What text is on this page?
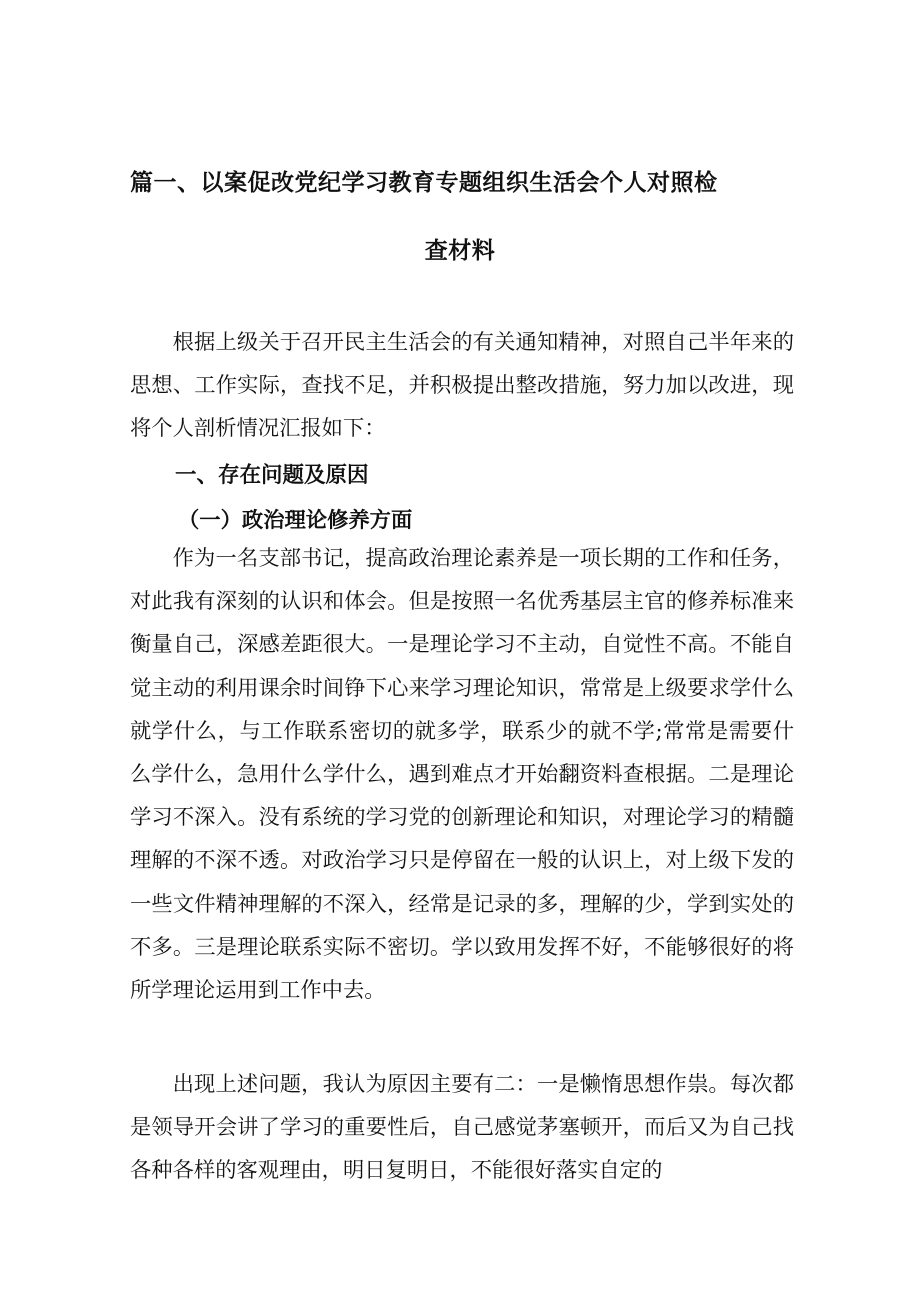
篇一、以案促改党纪学习教育专题组织生活会个人对照检
查材料

根据上级关于召开民主生活会的有关通知精神，对照自己半年来的思想、工作实际，查找不足，并积极提出整改措施，努力加以改进，现将个人剖析情况汇报如下：

一、存在问题及原因
（一）政治理论修养方面

作为一名支部书记，提高政治理论素养是一项长期的工作和任务，对此我有深刻的认识和体会。但是按照一名优秀基层主官的修养标准来衡量自己，深感差距很大。一是理论学习不主动，自觉性不高。不能自觉主动的利用课余时间铮下心来学习理论知识，常常是上级要求学什么就学什么，与工作联系密切的就多学，联系少的就不学;常常是需要什么学什么，急用什么学什么，遇到难点才开始翻资料查根据。二是理论学习不深入。没有系统的学习党的创新理论和知识，对理论学习的精髓理解的不深不透。对政治学习只是停留在一般的认识上，对上级下发的一些文件精神理解的不深入，经常是记录的多，理解的少，学到实处的不多。三是理论联系实际不密切。学以致用发挥不好，不能够很好的将所学理论运用到工作中去。

出现上述问题，我认为原因主要有二：一是懒惰思想作祟。每次都是领导开会讲了学习的重要性后，自己感觉茅塞顿开，而后又为自己找各种各样的客观理由，明日复明日，不能很好落实自定的
